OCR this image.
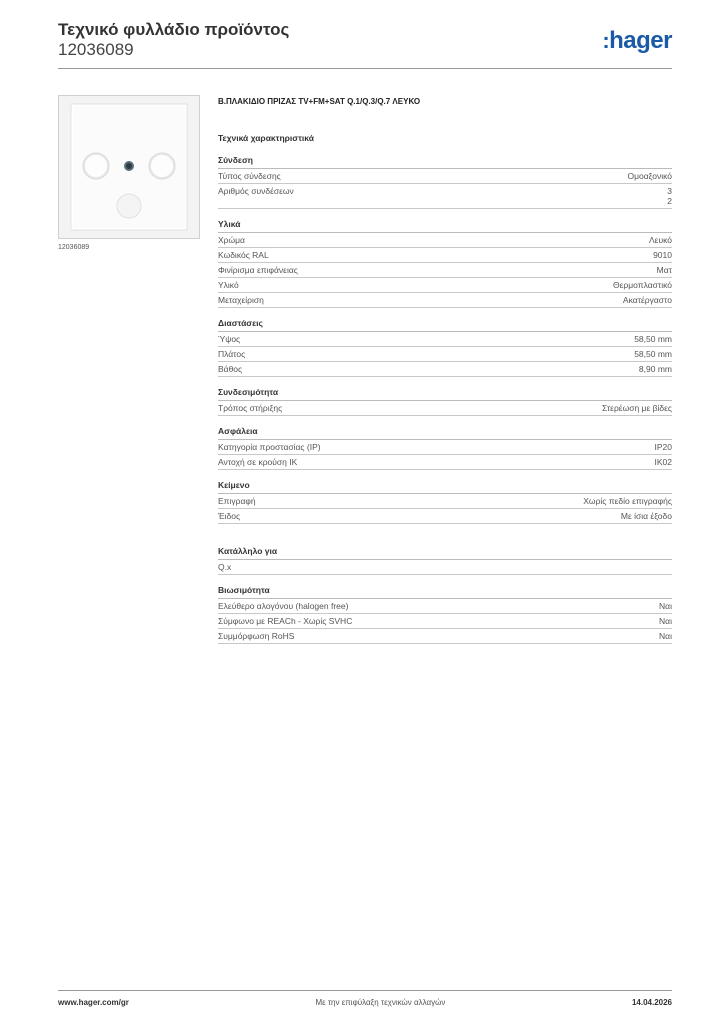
Τεχνικό φυλλάδιο προϊόντος
12036089	:hager
12036089
Β.ΠΛΑΚΙΔΙΟ ΠΡΙΖΑΣ TV+FM+SAT Q.1/Q.3/Q.7 ΛΕΥΚΟ
Τεχνικά χαρακτηριστικά
Σύνδεση
Τύπος σύνδεσης	Ομοαξονικό
Αριθμός συνδέσεων	3
2
Υλικά
Χρώμα	Λευκό
Κωδικός RAL	9010
Φινίρισμα επιφάνειας	Ματ
Υλικό	Θερμοπλαστικό
Μεταχείριση	Ακατέργαστο
Διαστάσεις
Ύψος	58,50 mm
Πλάτος	58,50 mm
Βάθος	8,90 mm
Συνδεσιμότητα
Τρόπος στήριξης	Στερέωση με βίδες
Ασφάλεια
Κατηγορία προστασίας (IP)	IP20
Αντοχή σε κρούση IK	IK02
Κείμενο
Επιγραφή	Χωρίς πεδίο επιγραφής
Έιδος	Με ίσια έξοδο
Κατάλληλο για
Q.x
Βιωσιμότητα
Ελεύθερο αλογόνου (halogen free)	Ναι
Σύμφωνο με REACh - Χωρίς SVHC	Ναι
Συμμόρφωση RoHS	Ναι
www.hager.com/gr	Με την επιφύλαξη τεχνικών αλλαγών	14.04.2026
